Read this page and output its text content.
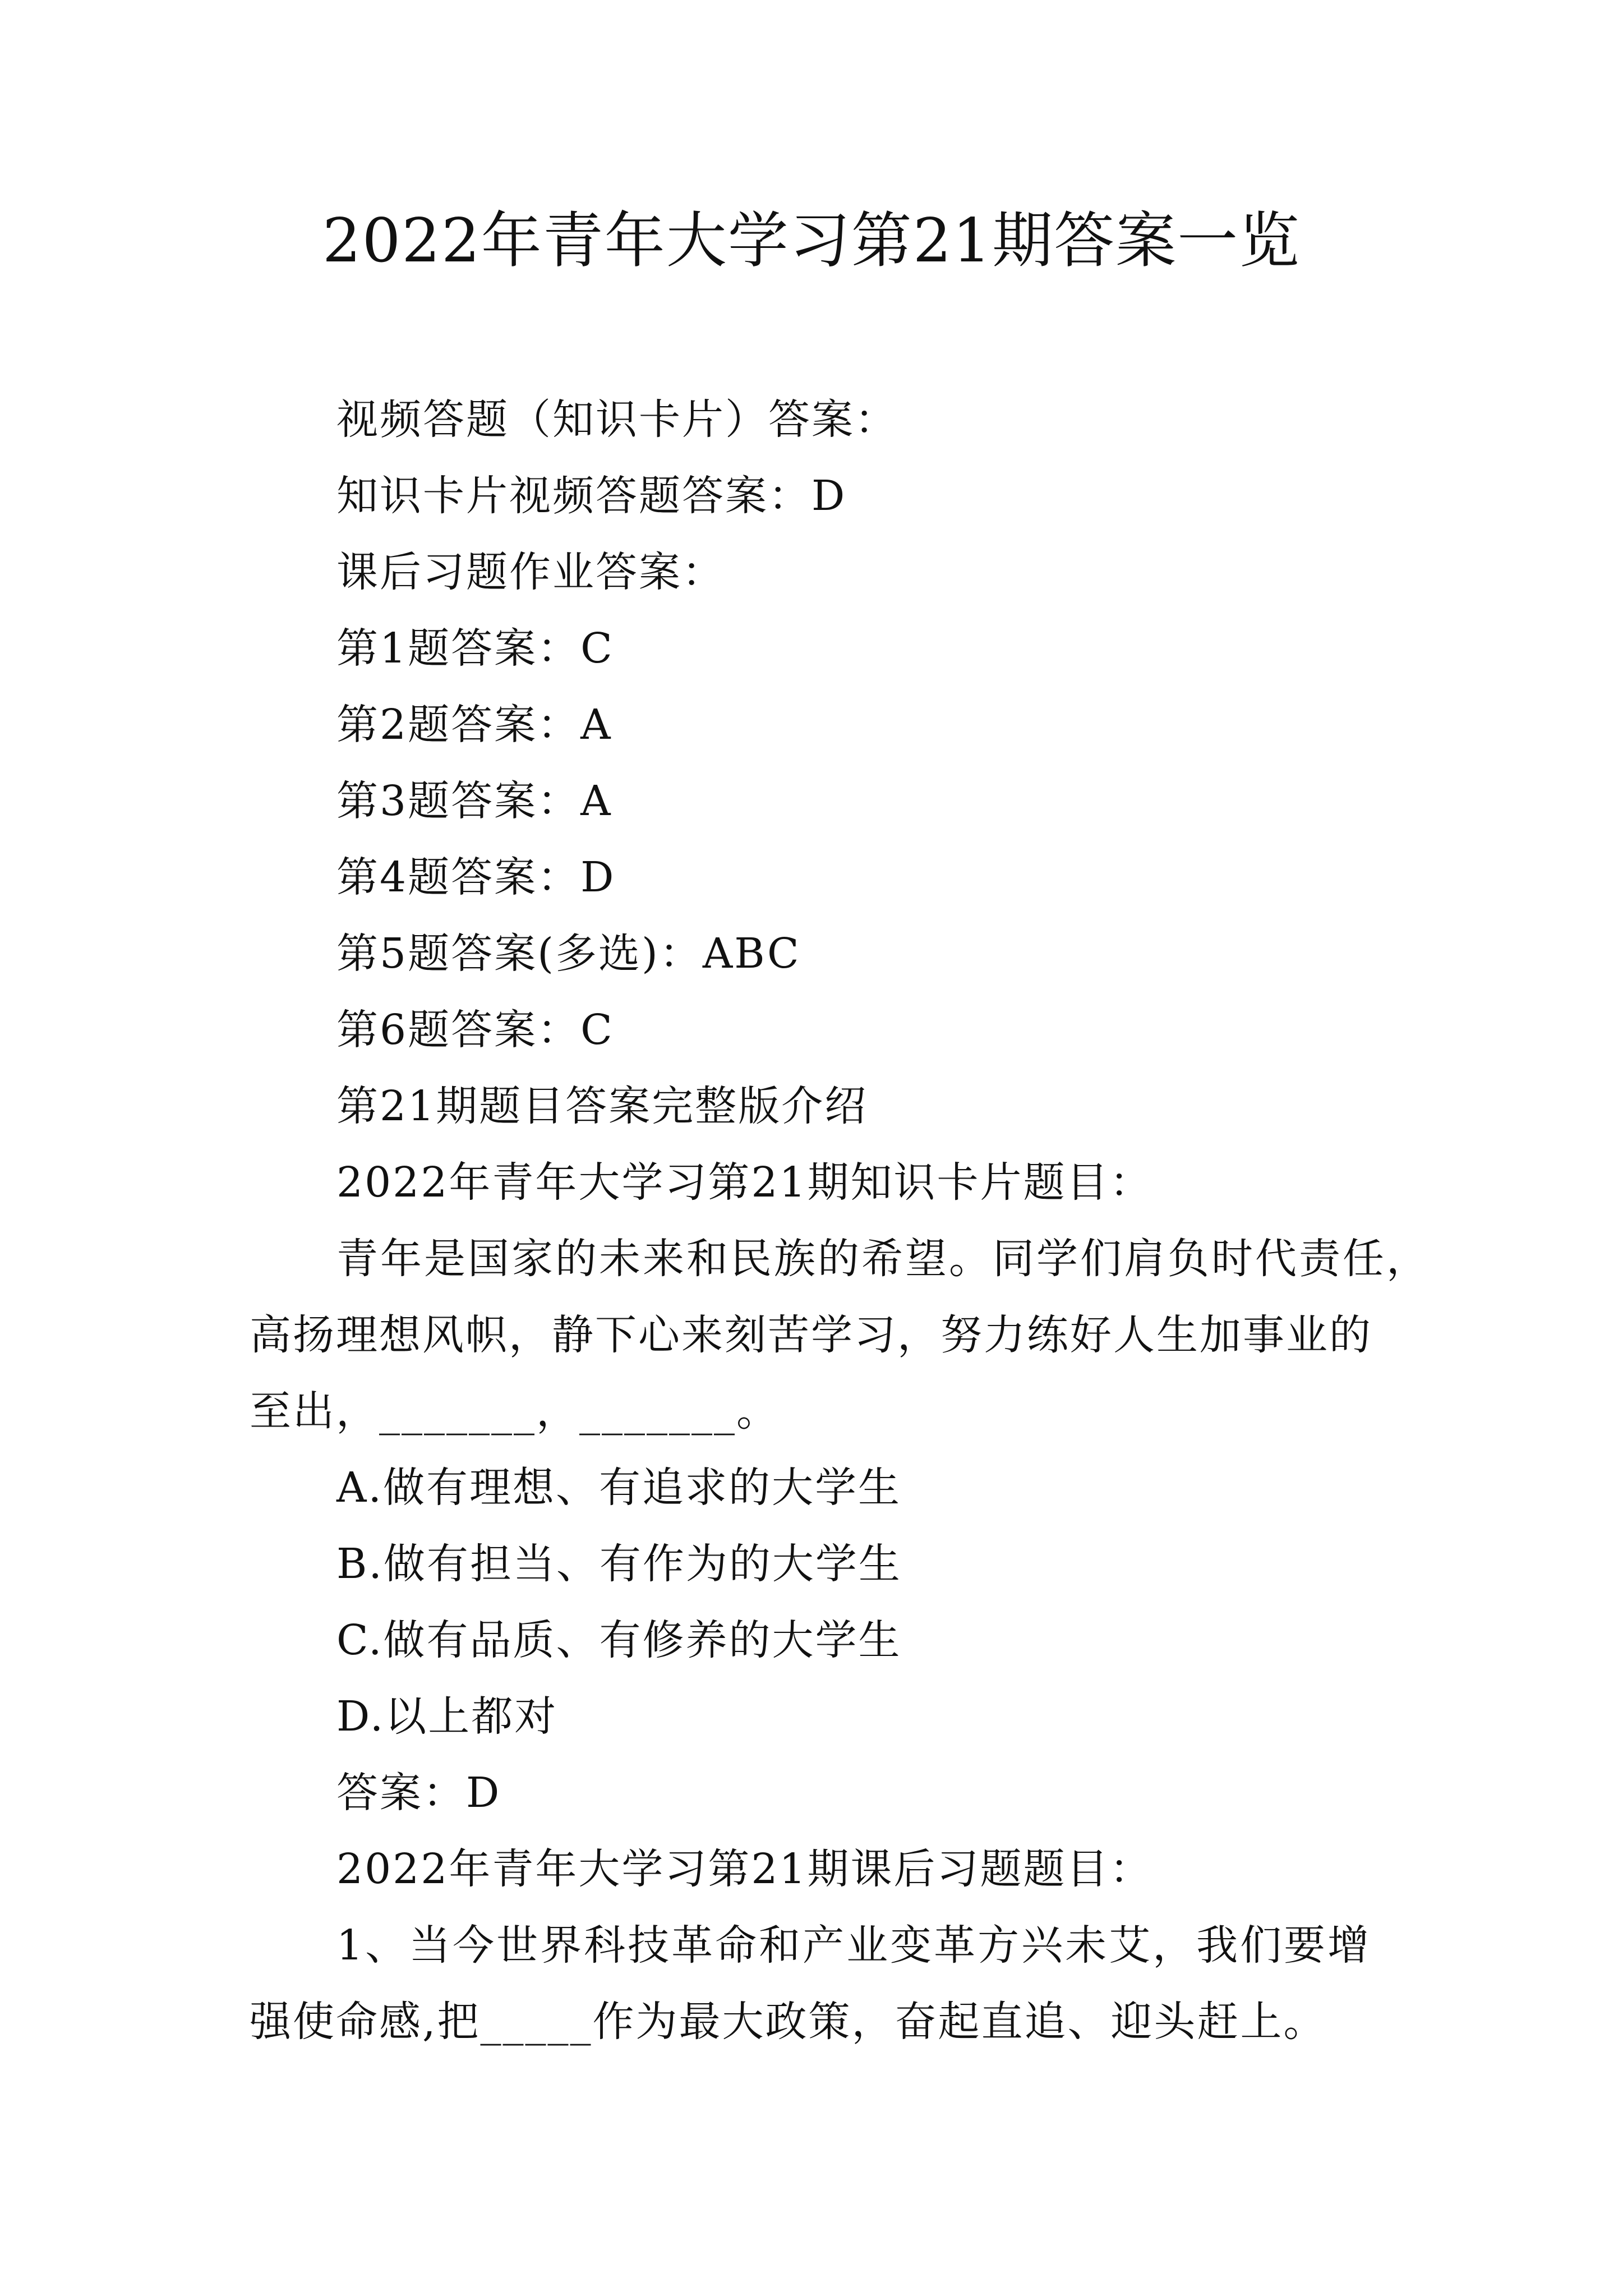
2022年青年大学习第21期答案一览

视频答题（知识卡片）答案：

知识卡片视频答题答案：D

课后习题作业答案：

第1题答案：C

第2题答案：A

第3题答案：A

第4题答案：D

第5题答案(多选)：ABC

第6题答案：C

第21期题目答案完整版介绍

2022年青年大学习第21期知识卡片题目：

青年是国家的未来和民族的希望。同学们肩负时代责任，
高扬理想风帜，静下心来刻苦学习，努力练好人生加事业的
至出，_______，_______。

A.做有理想、有追求的大学生

B.做有担当、有作为的大学生

C.做有品质、有修养的大学生

D.以上都对

答案：D

2022年青年大学习第21期课后习题题目：

1、当今世界科技革命和产业变革方兴未艾，我们要增
强使命感,把_____作为最大政策，奋起直追、迎头赶上。
